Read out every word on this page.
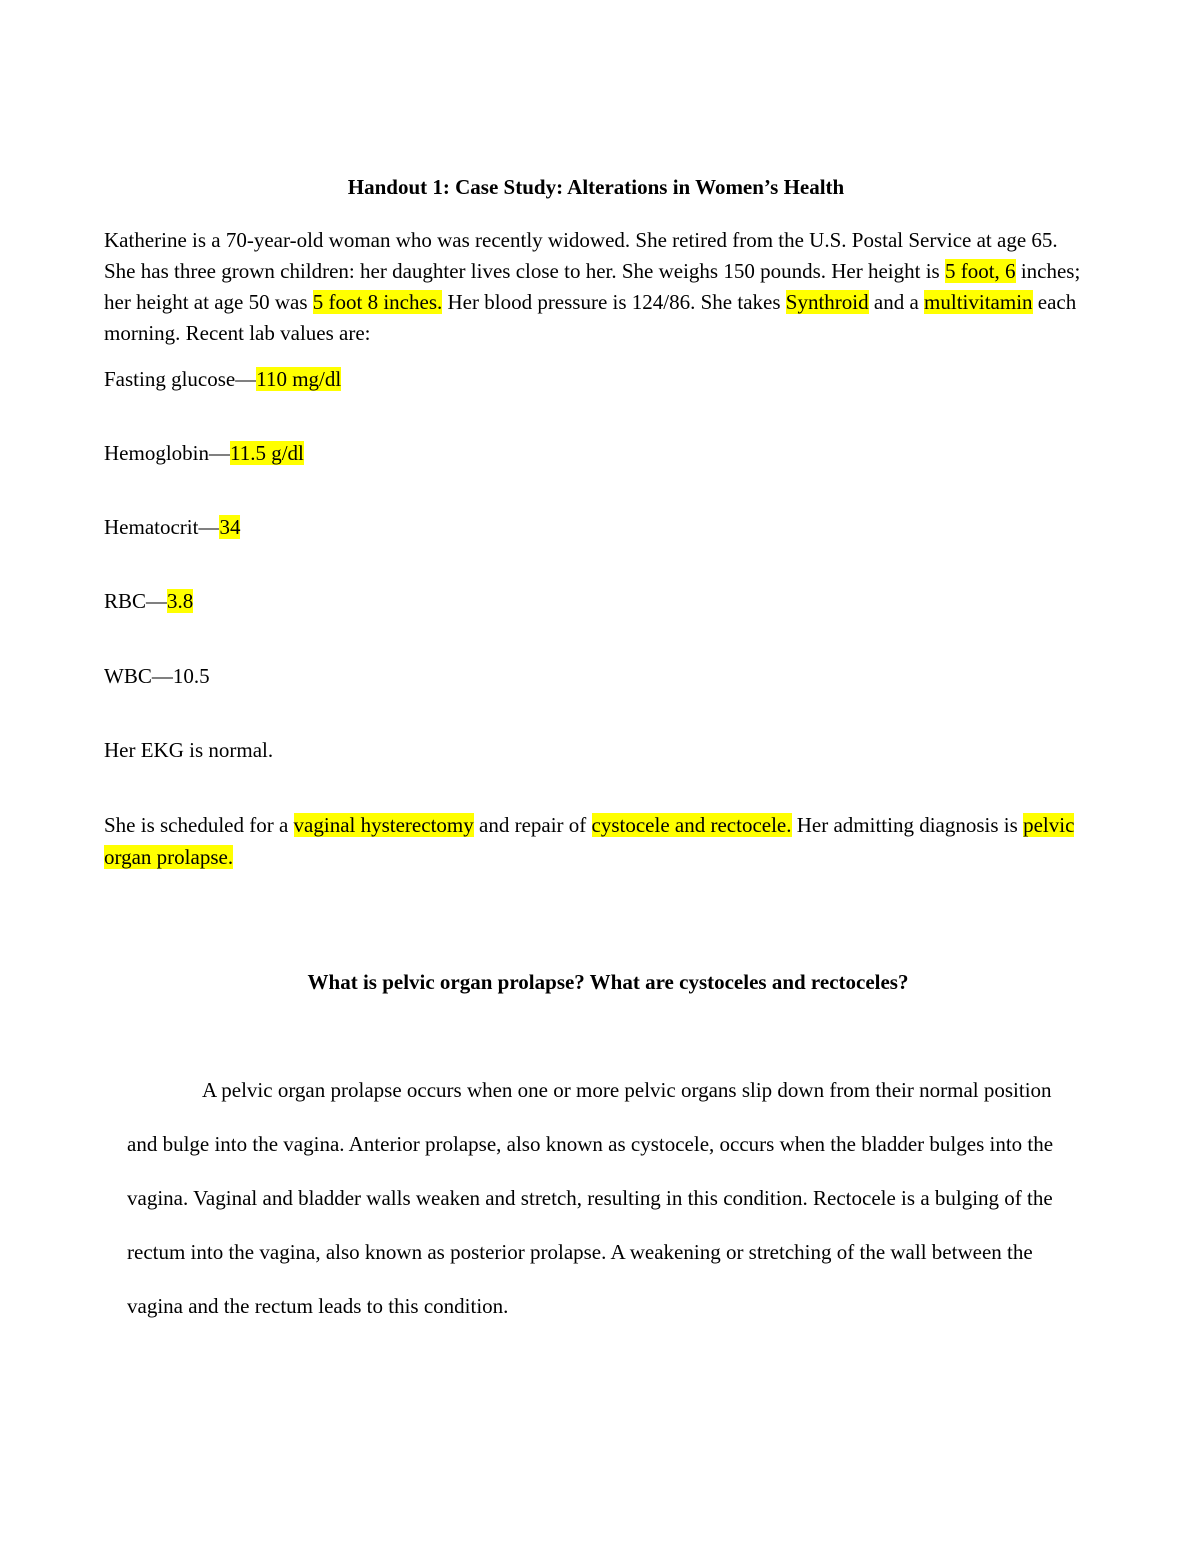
Handout 1: Case Study: Alterations in Women’s Health

Katherine is a 70-year-old woman who was recently widowed. She retired from the U.S. Postal Service at age 65. She has three grown children: her daughter lives close to her. She weighs 150 pounds. Her height is 5 foot, 6 inches; her height at age 50 was 5 foot 8 inches. Her blood pressure is 124/86. She takes Synthroid and a multivitamin each morning. Recent lab values are:

Fasting glucose—110 mg/dl

Hemoglobin—11.5 g/dl

Hematocrit—34

RBC—3.8

WBC—10.5

Her EKG is normal.

She is scheduled for a vaginal hysterectomy and repair of cystocele and rectocele. Her admitting diagnosis is pelvic organ prolapse.

What is pelvic organ prolapse? What are cystoceles and rectoceles?

A pelvic organ prolapse occurs when one or more pelvic organs slip down from their normal position and bulge into the vagina. Anterior prolapse, also known as cystocele, occurs when the bladder bulges into the vagina. Vaginal and bladder walls weaken and stretch, resulting in this condition. Rectocele is a bulging of the rectum into the vagina, also known as posterior prolapse. A weakening or stretching of the wall between the vagina and the rectum leads to this condition.
